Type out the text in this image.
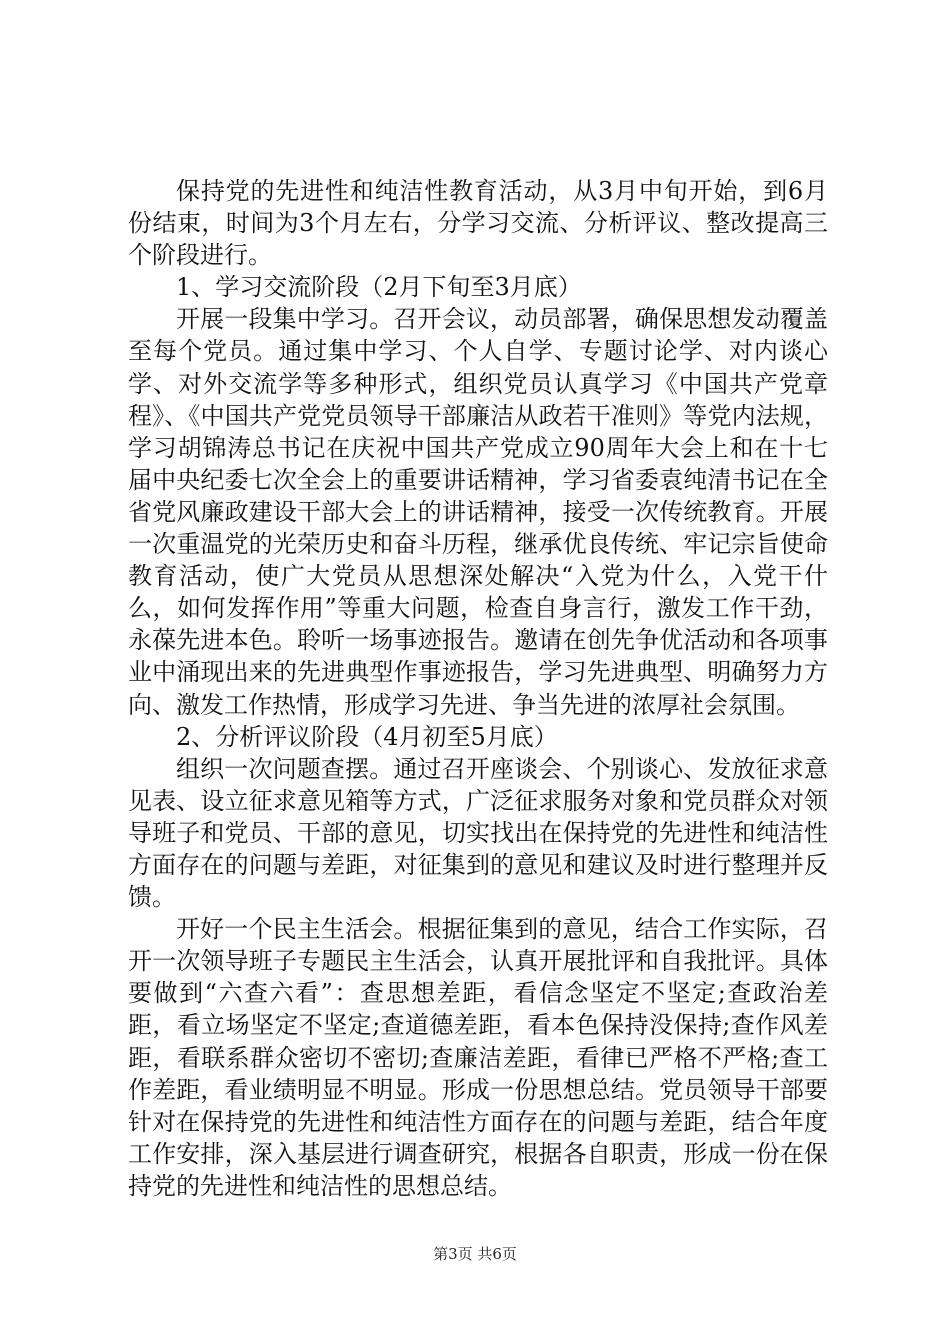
保持党的先进性和纯洁性教育活动，从3月中旬开始，到6月份结束，时间为3个月左右，分学习交流、分析评议、整改提高三个阶段进行。

1、学习交流阶段（2月下旬至3月底）

开展一段集中学习。召开会议，动员部署，确保思想发动覆盖至每个党员。通过集中学习、个人自学、专题讨论学、对内谈心学、对外交流学等多种形式，组织党员认真学习《中国共产党章程》、《中国共产党党员领导干部廉洁从政若干准则》等党内法规，学习胡锦涛总书记在庆祝中国共产党成立90周年大会上和在十七届中央纪委七次全会上的重要讲话精神，学习省委袁纯清书记在全省党风廉政建设干部大会上的讲话精神，接受一次传统教育。开展一次重温党的光荣历史和奋斗历程，继承优良传统、牢记宗旨使命教育活动，使广大党员从思想深处解决“入党为什么，入党干什么，如何发挥作用”等重大问题，检查自身言行，激发工作干劲，永葆先进本色。聆听一场事迹报告。邀请在创先争优活动和各项事业中涌现出来的先进典型作事迹报告，学习先进典型、明确努力方向、激发工作热情，形成学习先进、争当先进的浓厚社会氛围。

2、分析评议阶段（4月初至5月底）

组织一次问题查摆。通过召开座谈会、个别谈心、发放征求意见表、设立征求意见箱等方式，广泛征求服务对象和党员群众对领导班子和党员、干部的意见，切实找出在保持党的先进性和纯洁性方面存在的问题与差距，对征集到的意见和建议及时进行整理并反馈。

开好一个民主生活会。根据征集到的意见，结合工作实际，召开一次领导班子专题民主生活会，认真开展批评和自我批评。具体要做到“六查六看”：查思想差距，看信念坚定不坚定;查政治差距，看立场坚定不坚定;查道德差距，看本色保持没保持;查作风差距，看联系群众密切不密切;查廉洁差距，看律已严格不严格;查工作差距，看业绩明显不明显。形成一份思想总结。党员领导干部要针对在保持党的先进性和纯洁性方面存在的问题与差距，结合年度工作安排，深入基层进行调查研究，根据各自职责，形成一份在保持党的先进性和纯洁性的思想总结。

第3页 共6页
